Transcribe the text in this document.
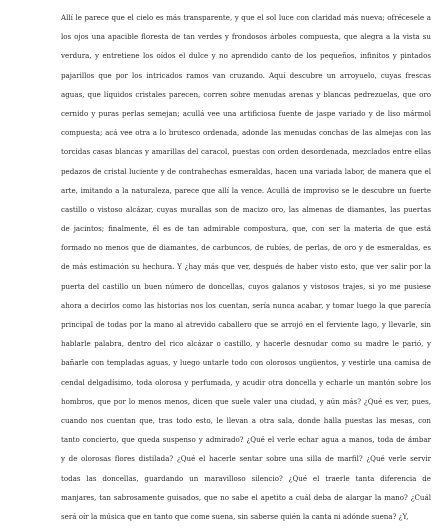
Allí le parece que el cielo es más transparente, y que el sol luce con claridad más nueva; ofrécesele a
los ojos una apacible floresta de tan verdes y frondosos árboles compuesta, que alegra a la vista su
verdura, y entretiene los oídos el dulce y no aprendido canto de los pequeños, infinitos y pintados
pajarillos que por los intricados ramos van cruzando. Aquí descubre un arroyuelo, cuyas frescas
aguas, que líquidos cristales parecen, corren sobre menudas arenas y blancas pedrezuelas, que oro
cernido y puras perlas semejan; acullá vee una artificiosa fuente de jaspe variado y de liso mármol
compuesta; acá vee otra a lo brutesco ordenada, adonde las menudas conchas de las almejas con las
torcidas casas blancas y amarillas del caracol, puestas con orden desordenada, mezclados entre ellas
pedazos de cristal luciente y de contrahechas esmeraldas, hacen una variada labor, de manera que el
arte, imitando a la naturaleza, parece que allí la vence. Acullá de improviso se le descubre un fuerte
castillo o vistoso alcázar, cuyas murallas son de macizo oro, las almenas de diamantes, las puertas
de jacintos; finalmente, él es de tan admirable compostura, que, con ser la materia de que está
formado no menos que de diamantes, de carbuncos, de rubíes, de perlas, de oro y de esmeraldas, es
de más estimación su hechura. Y ¿hay más que ver, después de haber visto esto, que ver salir por la
puerta del castillo un buen número de doncellas, cuyos galanos y vistosos trajes, si yo me pusiese
ahora a decirlos como las historias nos los cuentan, sería nunca acabar, y tomar luego la que parecía
principal de todas por la mano al atrevido caballero que se arrojó en el ferviente lago, y llevarle, sin
hablarle palabra, dentro del rico alcázar o castillo, y hacerle desnudar como su madre le parió, y
bañarle con templadas aguas, y luego untarle todo con olorosos ungüentos, y vestirle una camisa de
cendal delgadísimo, toda olorosa y perfumada, y acudir otra doncella y echarle un mantón sobre los
hombros, que por lo menos menos, dicen que suele valer una ciudad, y aún más? ¿Qué es ver, pues,
cuando nos cuentan que, tras todo esto, le llevan a otra sala, donde halla puestas las mesas, con
tanto concierto, que queda suspenso y admirado? ¿Qué el verle echar agua a manos, toda de ámbar
y de olorosas flores distilada? ¿Qué el hacerle sentar sobre una silla de marfil? ¿Qué verle servir
todas las doncellas, guardando un maravilloso silencio? ¿Qué el traerle tanta diferencia de
manjares, tan sabrosamente guisados, que no sabe el apetito a cuál deba de alargar la mano? ¿Cuál
será oír la música que en tanto que come suena, sin saberse quién la canta ni adónde suena? ¿Y,
